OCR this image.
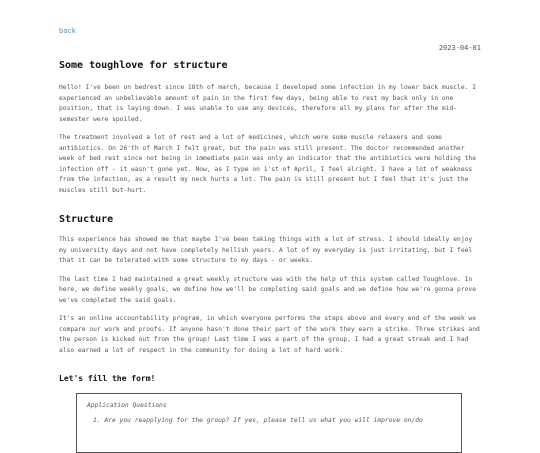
back
2023-04-01
Some toughlove for structure

Hello! I've been on bedrest since 18th of march, because I developed some infection in my lower back muscle. I experienced an unbelievable amount of pain in the first few days, being able to rest my back only in one position, that is laying down. I was unable to use any devices, therefore all my plans for after the mid-semester were spoiled.

The treatment involved a lot of rest and a lot of medicines, which were some muscle relaxers and some antibiotics. On 26'th of March I felt great, but the pain was still present. The doctor recommended another week of bed rest since not being in immediate pain was only an indicator that the antibiotics were holding the infection off - it wasn't gone yet. Now, as I type on 1'st of April, I feel alright. I have a lot of weakness from the infection, as a result my neck hurts a lot. The pain is still present but I feel that it's just the muscles still but-hurt.

Structure

This experience has showed me that maybe I've been taking things with a lot of stress. I should ideally enjoy my university days and not have completely hellish years. A lot of my everyday is just irritating, but I feel that it can be tolerated with some structure to my days - or weeks.

The last time I had maintained a great weekly structure was with the help of this system called Toughlove. In here, we define weekly goals, we define how we'll be completing said goals and we define how we're gonna prove we've completed the said goals.

It's an online accountability program, in which everyone performs the steps above and every end of the week we compare our work and proofs. If anyone hasn't done their part of the work they earn a strike. Three strikes and the person is kicked out from the group! Last time I was a part of the group, I had a great streak and I had also earned a lot of respect in the community for doing a lot of hard work.

Let's fill the form!
Application Questions
1. Are you reapplying for the group? If yes, please tell us what you will improve on/do
